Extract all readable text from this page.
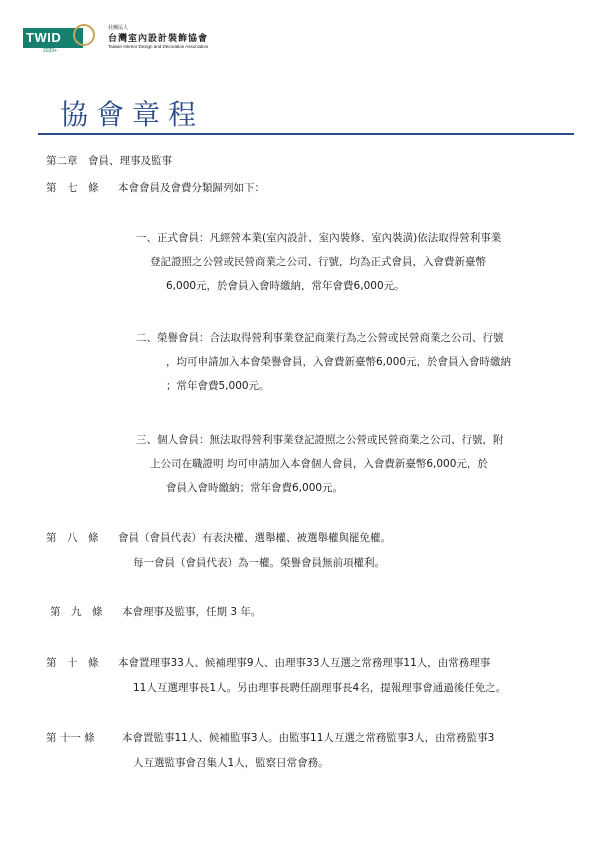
TWID
2020+
社團法人
台灣室內設計裝飾協會
Taiwan Interior Design and Decoration Association
協會章程
第二章　會員、理事及監事
第　七　條 本會會員及會費分類歸列如下：
一、正式會員：凡經營本業(室內設計、室內裝修、室內裝潢)依法取得營利事業
登記證照之公營或民營商業之公司、行號，均為正式會員，入會費新臺幣
6,000元，於會員入會時繳納，常年會費6,000元。
二、榮譽會員：合法取得營利事業登記商業行為之公營或民營商業之公司、行號
，均可申請加入本會榮譽會員，入會費新臺幣6,000元，於會員入會時繳納
；常年會費5,000元。
三、個人會員：無法取得營利事業登記證照之公營或民營商業之公司、行號，附
上公司在職證明 均可申請加入本會個人會員，入會費新臺幣6,000元，於
會員入會時繳納；常年會費6,000元。
第　八　條 會員（會員代表）有表決權、選舉權、被選舉權與罷免權。
每一會員（會員代表）為一權。榮譽會員無前項權利。
第　九　條 本會理事及監事，任期 3 年。
第　十　條 本會置理事33人、候補理事9人、由理事33人互選之常務理事11人，由常務理事
11人互選理事長1人。另由理事長聘任副理事長4名，提報理事會通過後任免之。
第 十一 條	本會置監事11人、候補監事3人。由監事11人互選之常務監事3人，由常務監事3
人互選監事會召集人1人，監察日常會務。
